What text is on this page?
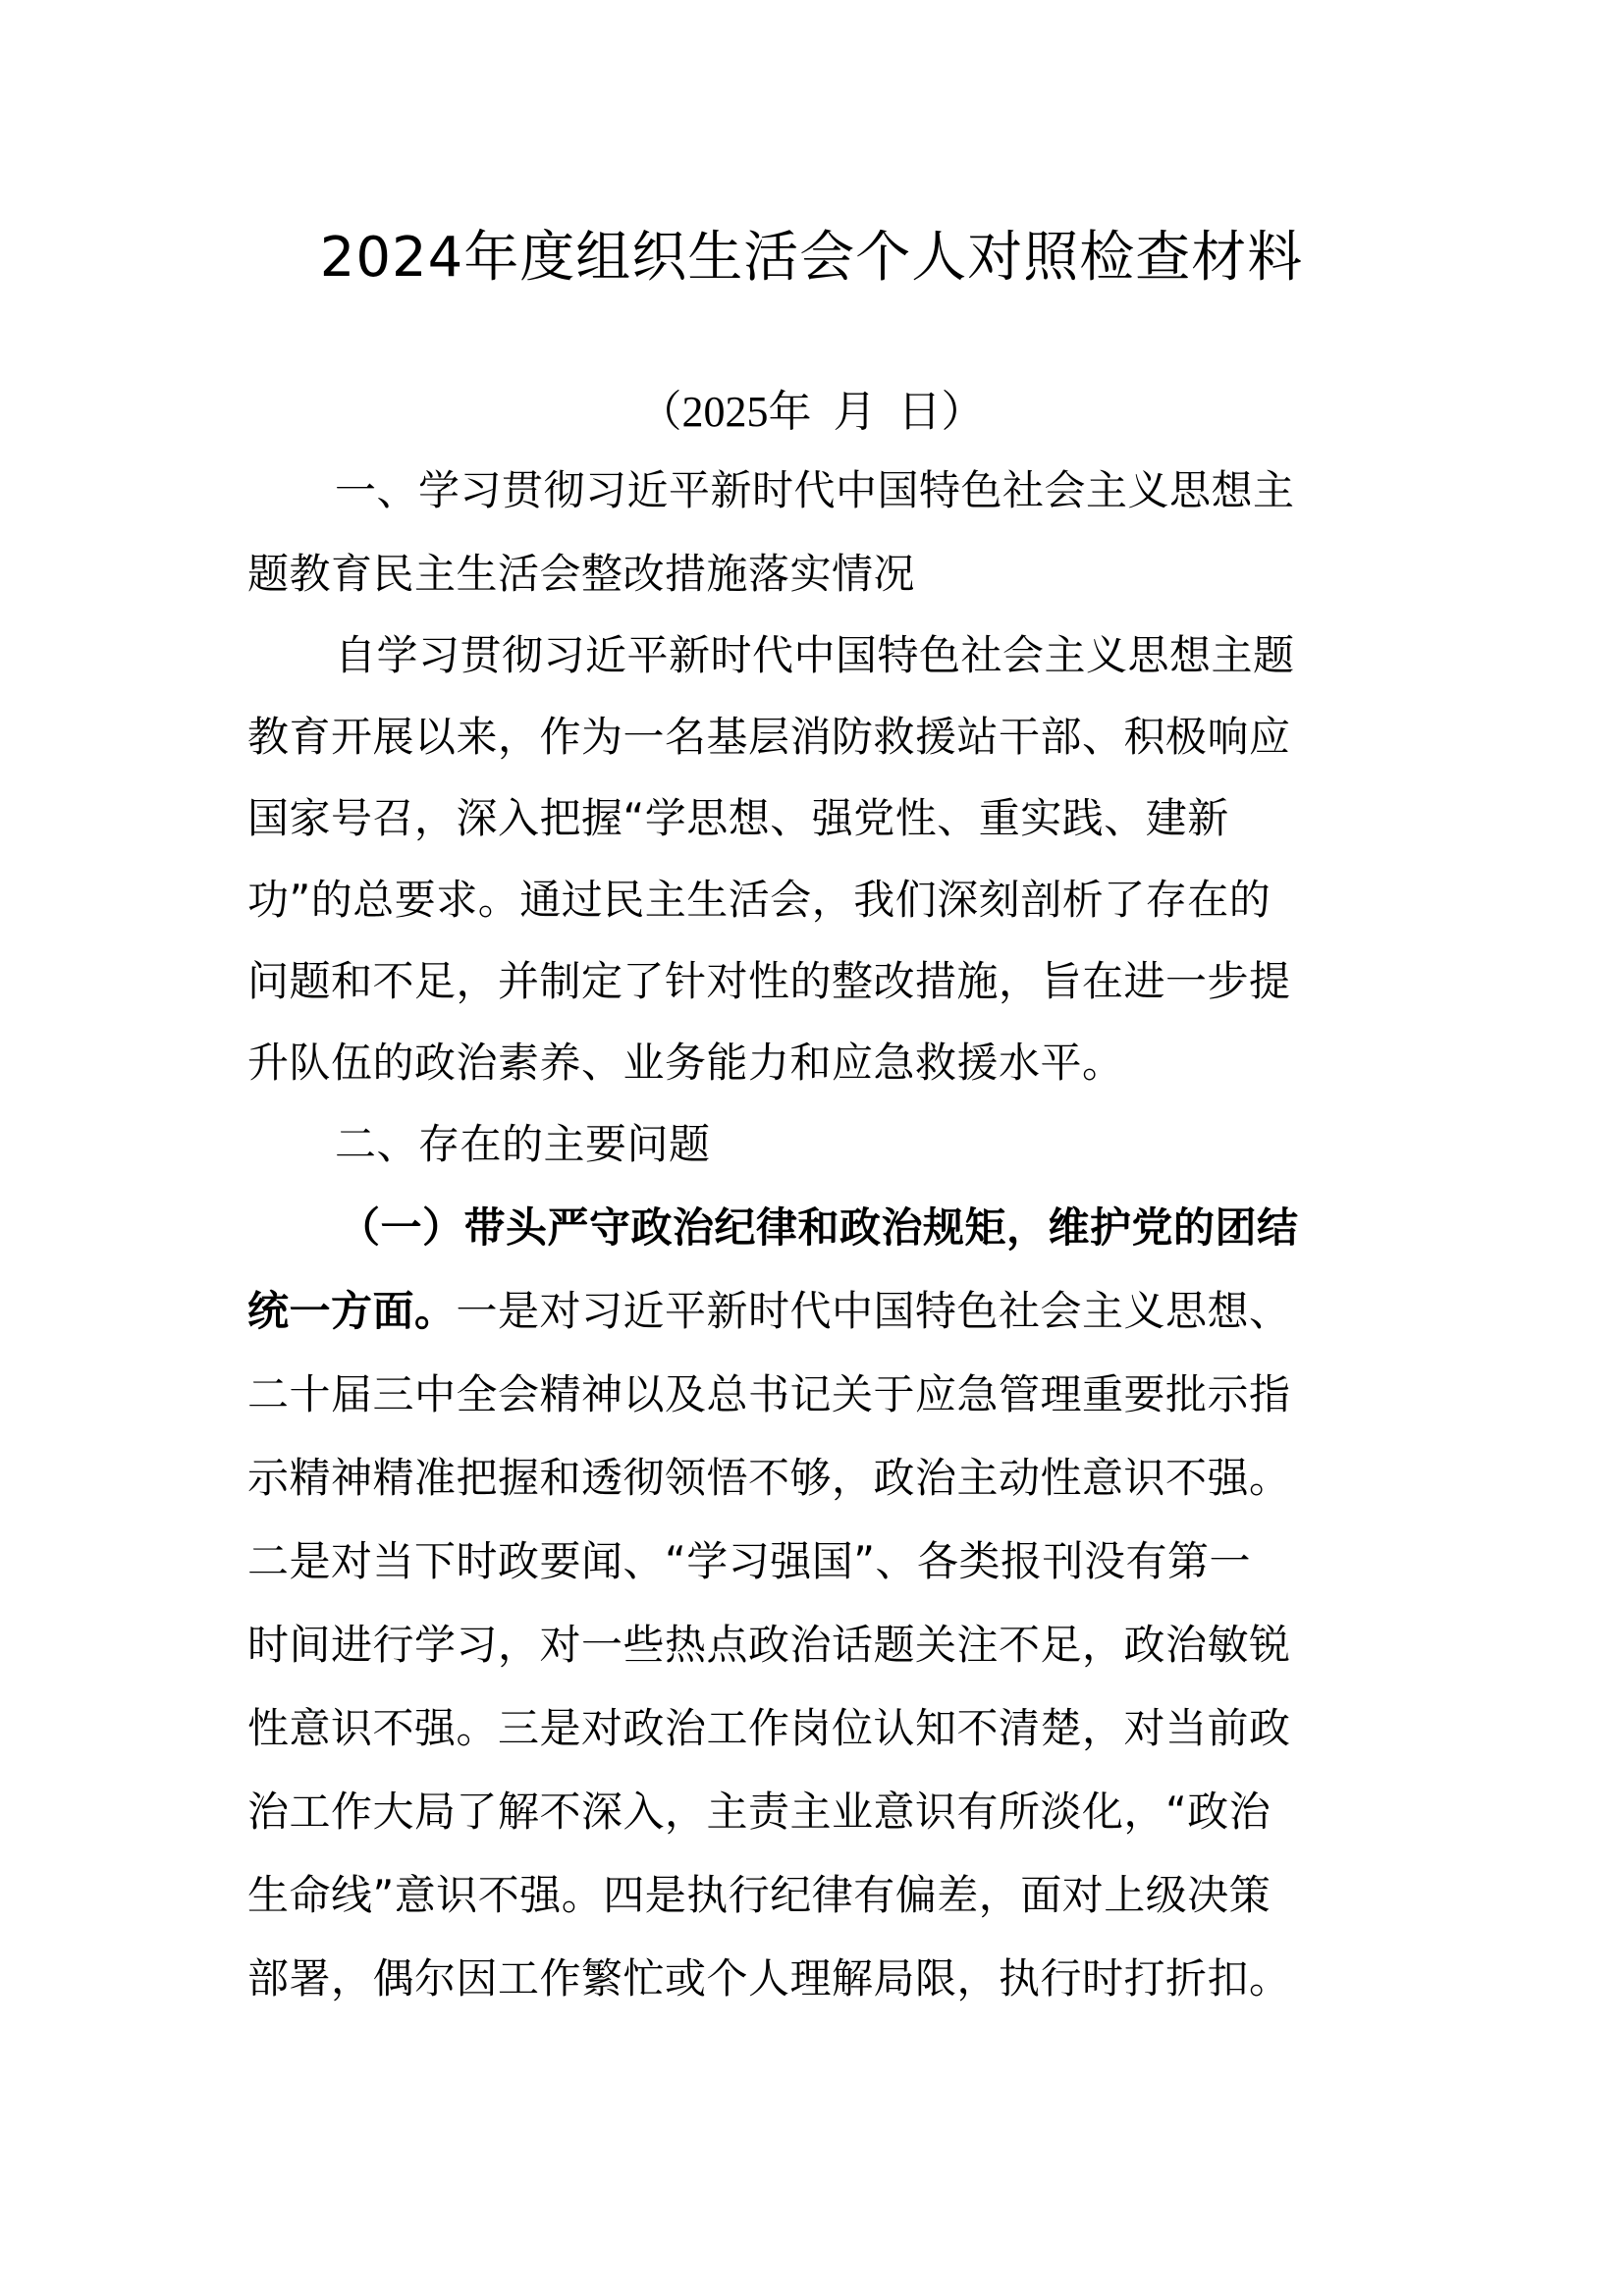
2024年度组织生活会个人对照检查材料
（2025年  月  日）
一、学习贯彻习近平新时代中国特色社会主义思想主
题教育民主生活会整改措施落实情况
自学习贯彻习近平新时代中国特色社会主义思想主题
教育开展以来，作为一名基层消防救援站干部、积极响应
国家号召，深入把握“学思想、强党性、重实践、建新
功”的总要求。通过民主生活会，我们深刻剖析了存在的
问题和不足，并制定了针对性的整改措施，旨在进一步提
升队伍的政治素养、业务能力和应急救援水平。
二、存在的主要问题
（一）带头严守政治纪律和政治规矩，维护党的团结
统一方面。一是对习近平新时代中国特色社会主义思想、
二十届三中全会精神以及总书记关于应急管理重要批示指
示精神精准把握和透彻领悟不够，政治主动性意识不强。
二是对当下时政要闻、“学习强国”、各类报刊没有第一
时间进行学习，对一些热点政治话题关注不足，政治敏锐
性意识不强。三是对政治工作岗位认知不清楚，对当前政
治工作大局了解不深入，主责主业意识有所淡化，“政治
生命线”意识不强。四是执行纪律有偏差，面对上级决策
部署，偶尔因工作繁忙或个人理解局限，执行时打折扣。
